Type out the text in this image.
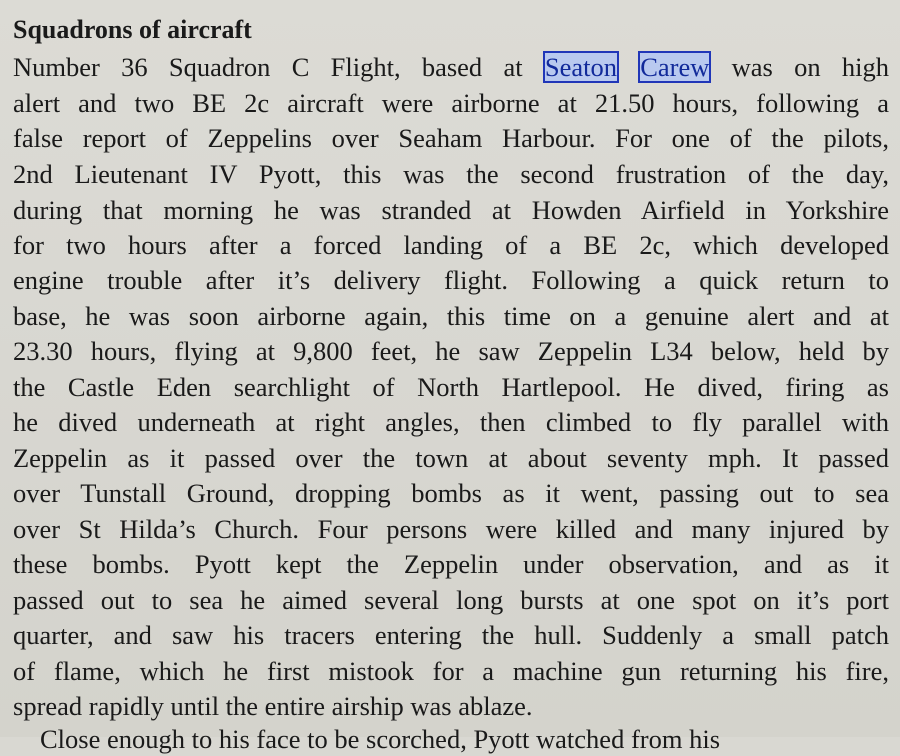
Squadrons of aircraft
Number 36 Squadron C Flight, based at Seaton Carew was on high
alert and two BE 2c aircraft were airborne at 21.50 hours, following a
false report of Zeppelins over Seaham Harbour. For one of the pilots,
2nd Lieutenant IV Pyott, this was the second frustration of the day,
during that morning he was stranded at Howden Airfield in Yorkshire
for two hours after a forced landing of a BE 2c, which developed
engine trouble after it’s delivery flight. Following a quick return to
base, he was soon airborne again, this time on a genuine alert and at
23.30 hours, flying at 9,800 feet, he saw Zeppelin L34 below, held by
the Castle Eden searchlight of North Hartlepool. He dived, firing as
he dived underneath at right angles, then climbed to fly parallel with
Zeppelin as it passed over the town at about seventy mph. It passed
over Tunstall Ground, dropping bombs as it went, passing out to sea
over St Hilda’s Church. Four persons were killed and many injured by
these bombs. Pyott kept the Zeppelin under observation, and as it
passed out to sea he aimed several long bursts at one spot on it’s port
quarter, and saw his tracers entering the hull. Suddenly a small patch
of flame, which he first mistook for a machine gun returning his fire,
spread rapidly until the entire airship was ablaze.
Close enough to his face to be scorched, Pyott watched from his
